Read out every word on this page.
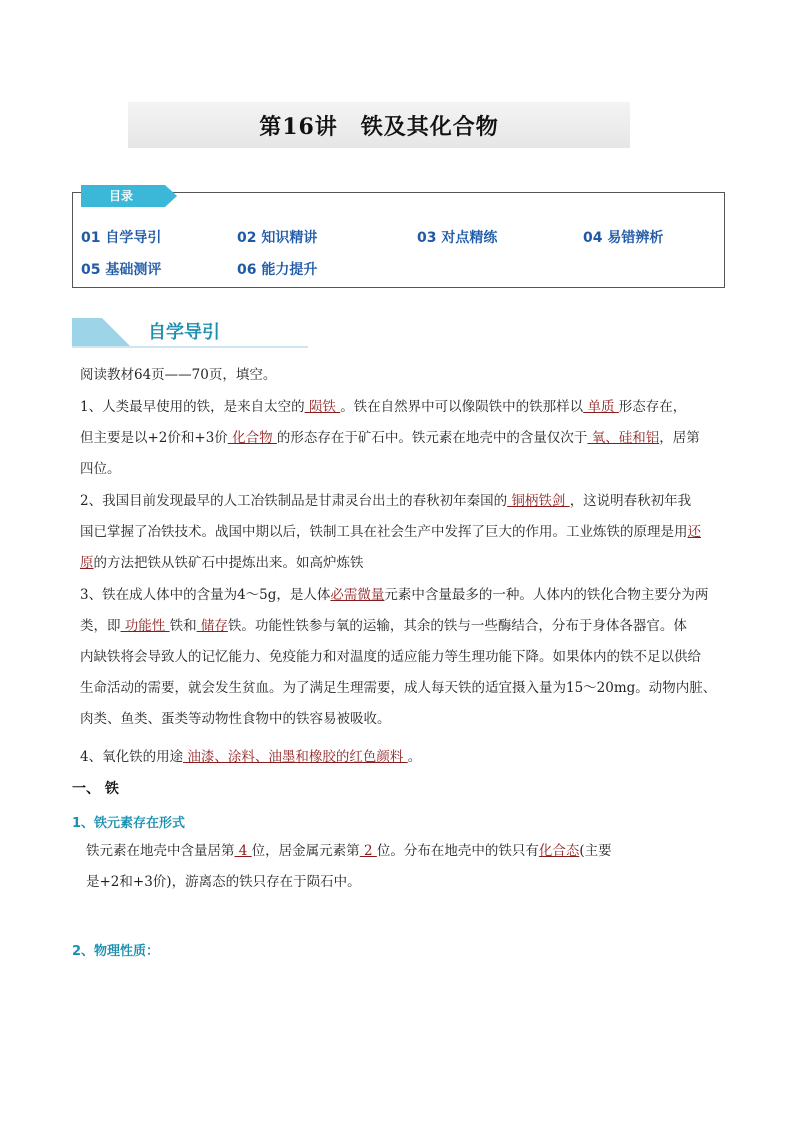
第16讲　铁及其化合物
目录
01 自学导引	02 知识精讲	03 对点精练	04 易错辨析
05 基础测评	06 能力提升
自学导引
阅读教材64页——70页，填空。
1、人类最早使用的铁，是来自太空的 陨铁 。铁在自然界中可以像陨铁中的铁那样以 单质 形态存在，
但主要是以+2价和+3价 化合物 的形态存在于矿石中。铁元素在地壳中的含量仅次于 氧、硅和铝，居第
四位。
2、我国目前发现最早的人工冶铁制品是甘肃灵台出土的春秋初年秦国的 铜柄铁剑 ，这说明春秋初年我
国已掌握了冶铁技术。战国中期以后，铁制工具在社会生产中发挥了巨大的作用。工业炼铁的原理是用还
原的方法把铁从铁矿石中提炼出来。如高炉炼铁
3、铁在成人体中的含量为4～5g，是人体必需微量元素中含量最多的一种。人体内的铁化合物主要分为两
类，即 功能性 铁和 储存铁。功能性铁参与氧的运输，其余的铁与一些酶结合，分布于身体各器官。体
内缺铁将会导致人的记忆能力、免疫能力和对温度的适应能力等生理功能下降。如果体内的铁不足以供给
生命活动的需要，就会发生贫血。为了满足生理需要，成人每天铁的适宜摄入量为15～20mg。动物内脏、
肉类、鱼类、蛋类等动物性食物中的铁容易被吸收。
4、氧化铁的用途 油漆、涂料、油墨和橡胶的红色颜料 。
一、 铁
1、铁元素存在形式
铁元素在地壳中含量居第 4 位，居金属元素第 2 位。分布在地壳中的铁只有化合态(主要
是+2和+3价)，游离态的铁只存在于陨石中。
2、物理性质：
